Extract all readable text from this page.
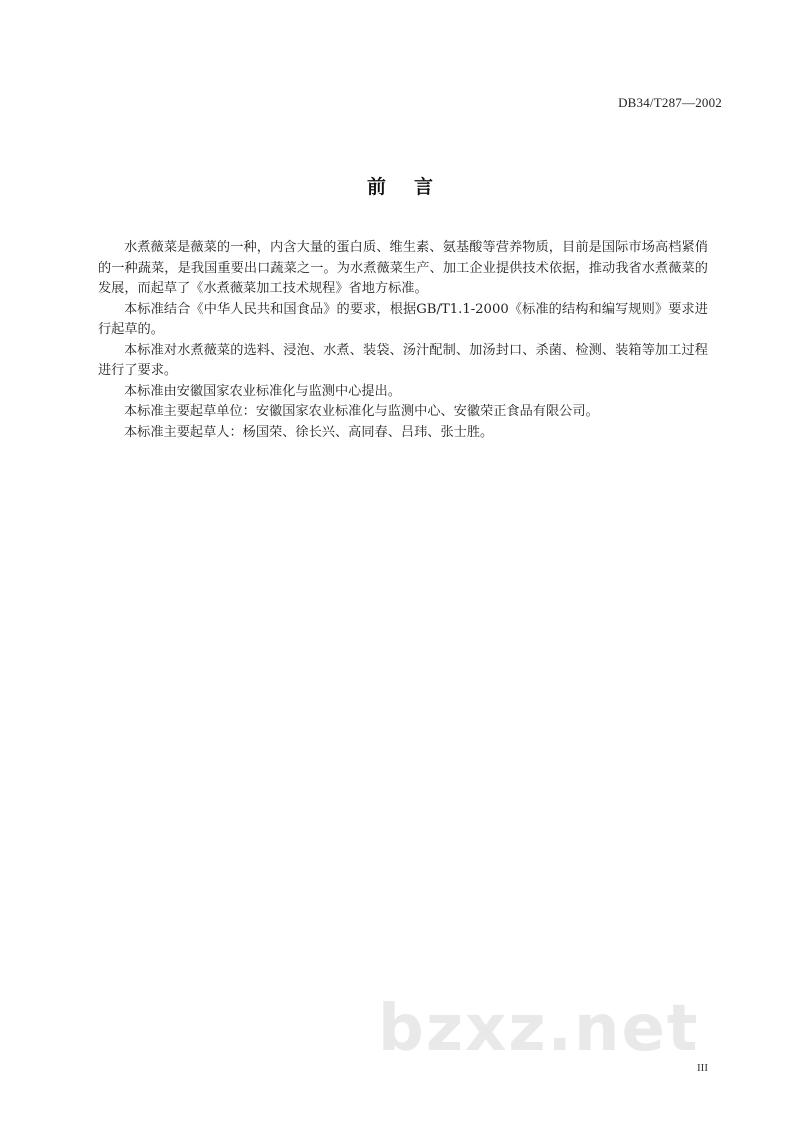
DB34/T287—2002
前言

水煮薇菜是薇菜的一种，内含大量的蛋白质、维生素、氨基酸等营养物质，目前是国际市场高档紧俏的一种蔬菜，是我国重要出口蔬菜之一。为水煮薇菜生产、加工企业提供技术依据，推动我省水煮薇菜的发展，而起草了《水煮薇菜加工技术规程》省地方标准。

本标准结合《中华人民共和国食品》的要求，根据GB/T1.1-2000《标准的结构和编写规则》要求进行起草的。

本标准对水煮薇菜的选料、浸泡、水煮、装袋、汤汁配制、加汤封口、杀菌、检测、装箱等加工过程进行了要求。

本标准由安徽国家农业标准化与监测中心提出。

本标准主要起草单位：安徽国家农业标准化与监测中心、安徽荣正食品有限公司。

本标准主要起草人：杨国荣、徐长兴、高同春、吕玮、张士胜。

bzxz.net
III
